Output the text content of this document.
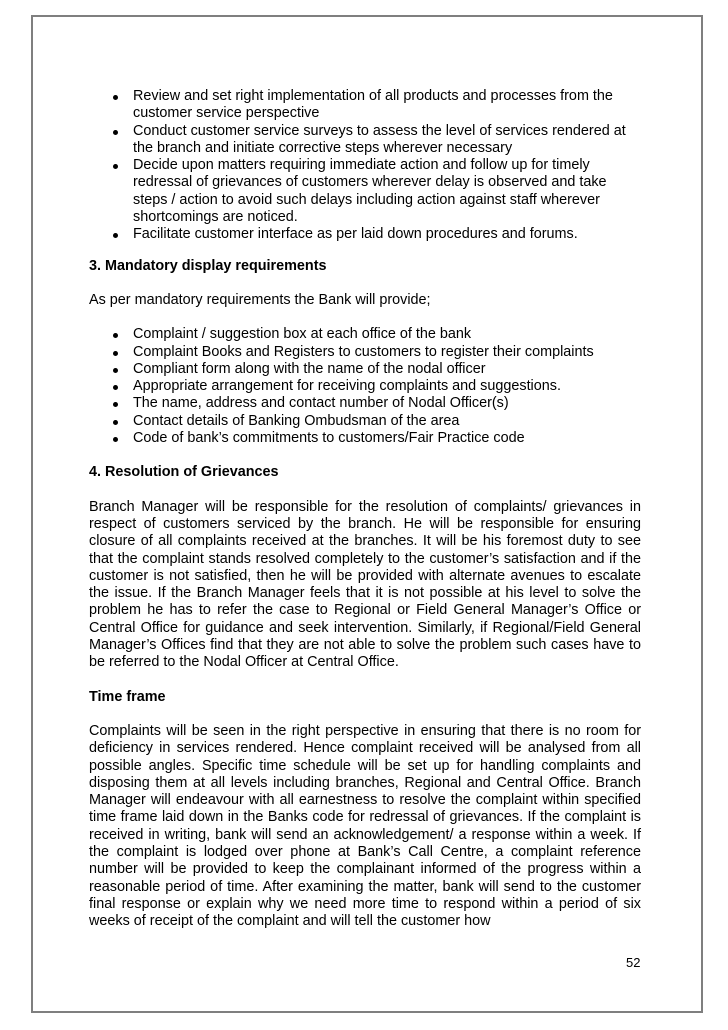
Review and set right implementation of all products and processes from the customer service perspective
Conduct customer service surveys to assess the level of services rendered at the branch and initiate corrective steps wherever necessary
Decide upon matters requiring immediate action and follow up for timely redressal of grievances of customers wherever delay is observed and take steps / action to avoid such delays including action against staff wherever shortcomings are noticed.
Facilitate customer interface as per laid down procedures and forums.

3. Mandatory display requirements

As per mandatory requirements the Bank will provide;

Complaint / suggestion box at each office of the bank
Complaint Books and Registers to customers to register their complaints
Compliant form along with the name of the nodal officer
Appropriate arrangement for receiving complaints and suggestions.
The name, address and contact number of Nodal Officer(s)
Contact details of Banking Ombudsman of the area
Code of bank’s commitments to customers/Fair Practice code

4. Resolution of Grievances

Branch Manager will be responsible for the resolution of complaints/ grievances in respect of customers serviced by the branch. He will be responsible for ensuring closure of all complaints received at the branches. It will be his foremost duty to see that the complaint stands resolved completely to the customer’s satisfaction and if the customer is not satisfied, then he will be provided with alternate avenues to escalate the issue. If the Branch Manager feels that it is not possible at his level to solve the problem he has to refer the case to Regional or Field General Manager’s Office or Central Office for guidance and seek intervention. Similarly, if Regional/Field General Manager’s Offices find that they are not able to solve the problem such cases have to be referred to the Nodal Officer at Central Office.

Time frame

Complaints will be seen in the right perspective in ensuring that there is no room for deficiency in services rendered. Hence complaint received will be analysed from all possible angles. Specific time schedule will be set up for handling complaints and disposing them at all levels including branches, Regional and Central Office. Branch Manager will endeavour with all earnestness to resolve the complaint within specified time frame laid down in the Banks code for redressal of grievances. If the complaint is received in writing, bank will send an acknowledgement/ a response within a week. If the complaint is lodged over phone at Bank’s Call Centre, a complaint reference number will be provided to keep the complainant informed of the progress within a reasonable period of time. After examining the matter, bank will send to the customer final response or explain why we need more time to respond within a period of six weeks of receipt of the complaint and will tell the customer how

52
